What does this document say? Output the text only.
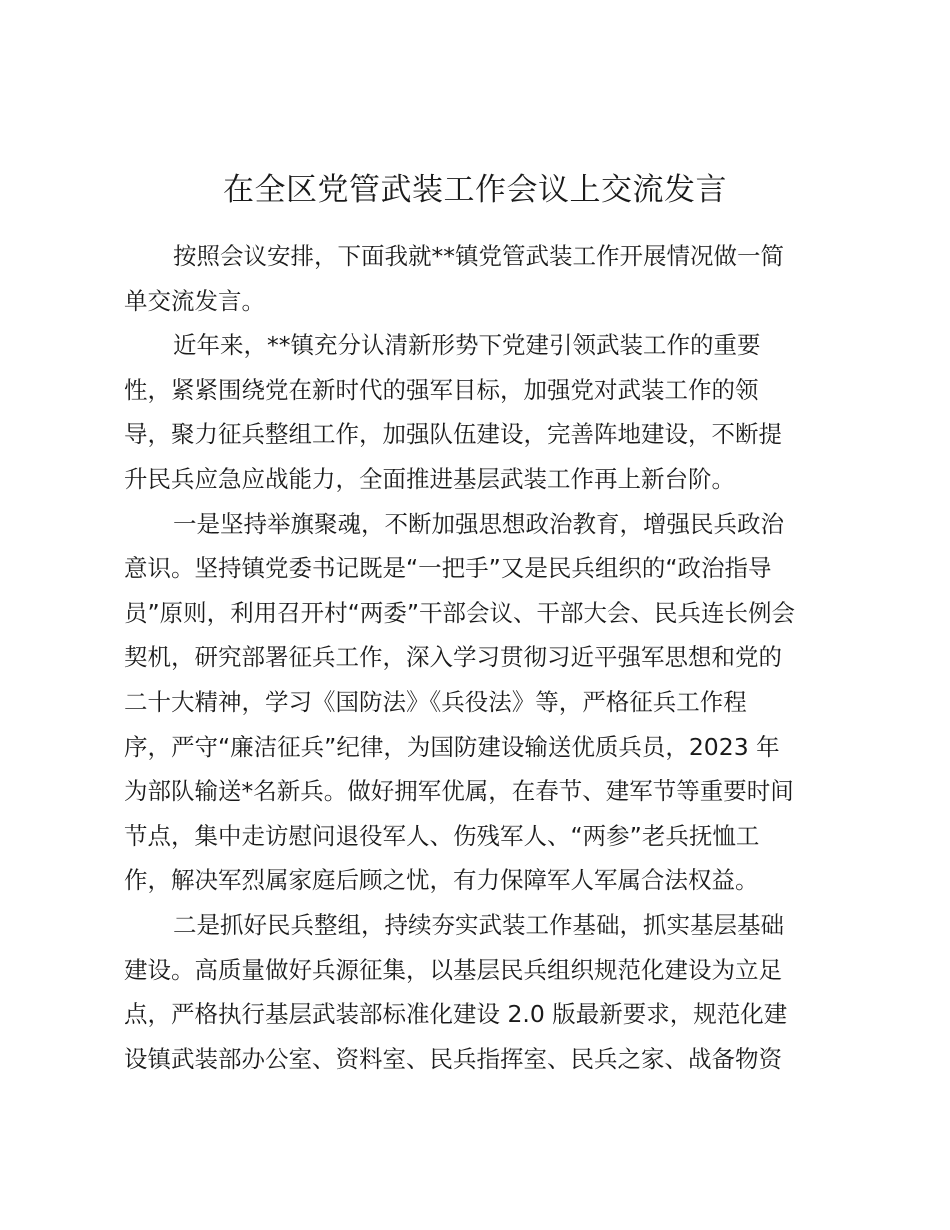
在全区党管武装工作会议上交流发言
按照会议安排，下面我就**镇党管武装工作开展情况做一简
单交流发言。
近年来，**镇充分认清新形势下党建引领武装工作的重要
性，紧紧围绕党在新时代的强军目标，加强党对武装工作的领
导，聚力征兵整组工作，加强队伍建设，完善阵地建设，不断提
升民兵应急应战能力，全面推进基层武装工作再上新台阶。
一是坚持举旗聚魂，不断加强思想政治教育，增强民兵政治
意识。坚持镇党委书记既是“一把手”又是民兵组织的“政治指导
员”原则，利用召开村“两委”干部会议、干部大会、民兵连长例会
契机，研究部署征兵工作，深入学习贯彻习近平强军思想和党的
二十大精神，学习《国防法》《兵役法》等，严格征兵工作程
序，严守“廉洁征兵”纪律，为国防建设输送优质兵员，2023 年
为部队输送*名新兵。做好拥军优属，在春节、建军节等重要时间
节点，集中走访慰问退役军人、伤残军人、“两参”老兵抚恤工
作，解决军烈属家庭后顾之忧，有力保障军人军属合法权益。
二是抓好民兵整组，持续夯实武装工作基础，抓实基层基础
建设。高质量做好兵源征集，以基层民兵组织规范化建设为立足
点，严格执行基层武装部标准化建设 2.0 版最新要求，规范化建
设镇武装部办公室、资料室、民兵指挥室、民兵之家、战备物资
